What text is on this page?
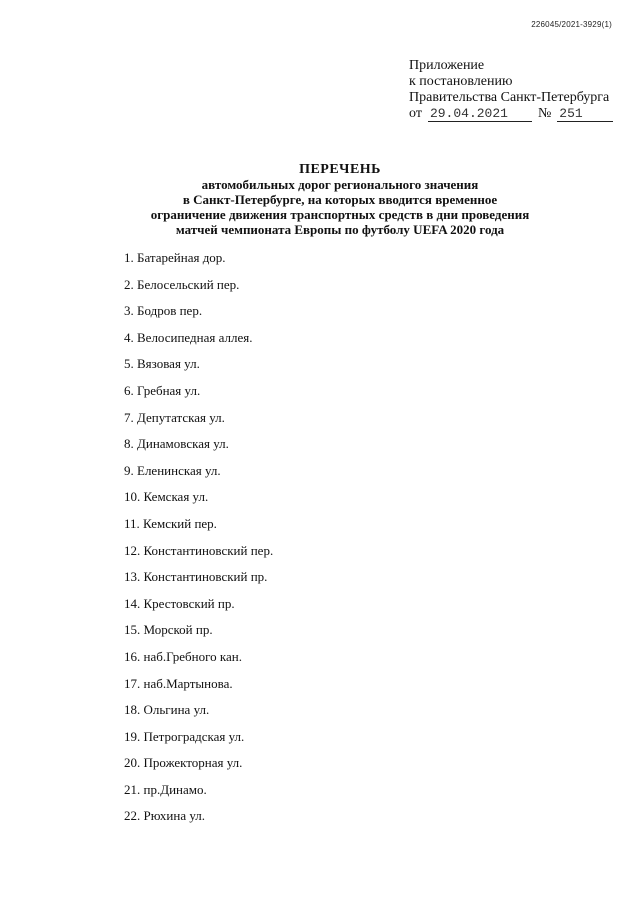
226045/2021-3929(1)
Приложение
к постановлению
Правительства Санкт-Петербурга
от 29.04.2021	№ 251
ПЕРЕЧЕНЬ
автомобильных дорог регионального значения
в Санкт-Петербурге, на которых вводится временное
ограничение движения транспортных средств в дни проведения
матчей чемпионата Европы по футболу UEFA 2020 года
1. Батарейная дор.
2. Белосельский пер.
3. Бодров пер.
4. Велосипедная аллея.
5. Вязовая ул.
6. Гребная ул.
7. Депутатская ул.
8. Динамовская ул.
9. Еленинская ул.
10. Кемская ул.
11. Кемский пер.
12. Константиновский пер.
13. Константиновский пр.
14. Крестовский пр.
15. Морской пр.
16. наб.Гребного кан.
17. наб.Мартынова.
18. Ольгина ул.
19. Петроградская ул.
20. Прожекторная ул.
21. пр.Динамо.
22. Рюхина ул.
